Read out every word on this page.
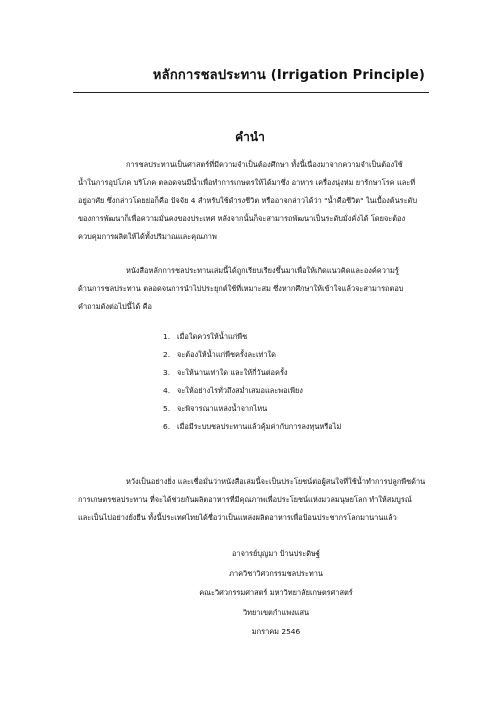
หลักการชลประทาน (Irrigation Principle)
คำนำ
การชลประทานเป็นศาสตร์ที่มีความจำเป็นต้องศึกษา ทั้งนี้เนื่องมาจากความจำเป็นต้องใช้
น้ำในการอุปโภค บริโภค ตลอดจนมีน้ำเพื่อทำการเกษตรให้ได้มาซึ่ง อาหาร เครื่องนุ่งห่ม ยารักษาโรค และที่
อยู่อาศัย ซึ่งกล่าวโดยย่อก็คือ ปัจจัย 4 สำหรับใช้ดำรงชีวิต หรืออาจกล่าวได้ว่า "น้ำคือชีวิต" ในเบื้องต้นระดับ
ของการพัฒนาก็เพื่อความมั่นคงของประเทศ หลังจากนั้นก็จะสามารถพัฒนาเป็นระดับมั่งคั่งได้ โดยจะต้อง
ควบคุมการผลิตให้ได้ทั้งปริมาณและคุณภาพ
หนังสือหลักการชลประทานเล่มนี้ได้ถูกเรียบเรียงขึ้นมาเพื่อให้เกิดแนวคิดและองค์ความรู้
ด้านการชลประทาน ตลอดจนการนำไปประยุกต์ใช้ที่เหมาะสม ซึ่งหากศึกษาให้เข้าใจแล้วจะสามารถตอบ
คำถามดังต่อไปนี้ได้ คือ
1. เมื่อใดควรให้น้ำแก่พืช
2. จะต้องให้น้ำแก่พืชครั้งละเท่าใด
3. จะให้นานเท่าใด และให้กี่วันต่อครั้ง
4. จะให้อย่างไรทั่วถึงสม่ำเสมอและพอเพียง
5. จะพิจารณาแหล่งน้ำจากไหน
6. เมื่อมีระบบชลประทานแล้วคุ้มค่ากับการลงทุนหรือไม่
หวังเป็นอย่างยิ่ง และเชื่อมั่นว่าหนังสือเล่มนี้จะเป็นประโยชน์ต่อผู้สนใจที่ใช้น้ำทำการปลูกพืชด้าน
การเกษตรชลประทาน ที่จะได้ช่วยกันผลิตอาหารที่มีคุณภาพเพื่อประโยชน์แห่งมวลมนุษยโลก ทำให้สมบูรณ์
และเป็นไปอย่างยั่งยืน ทั้งนี้ประเทศไทยได้ชื่อว่าเป็นแหล่งผลิตอาหารเพื่อป้อนประชากรโลกมานานแล้ว
อาจารย์บุญมา ป้านประดิษฐ์
ภาควิชาวิศวกรรมชลประทาน
คณะวิศวกรรมศาสตร์ มหาวิทยาลัยเกษตรศาสตร์
วิทยาเขตกำแพงแสน
มกราคม 2546
